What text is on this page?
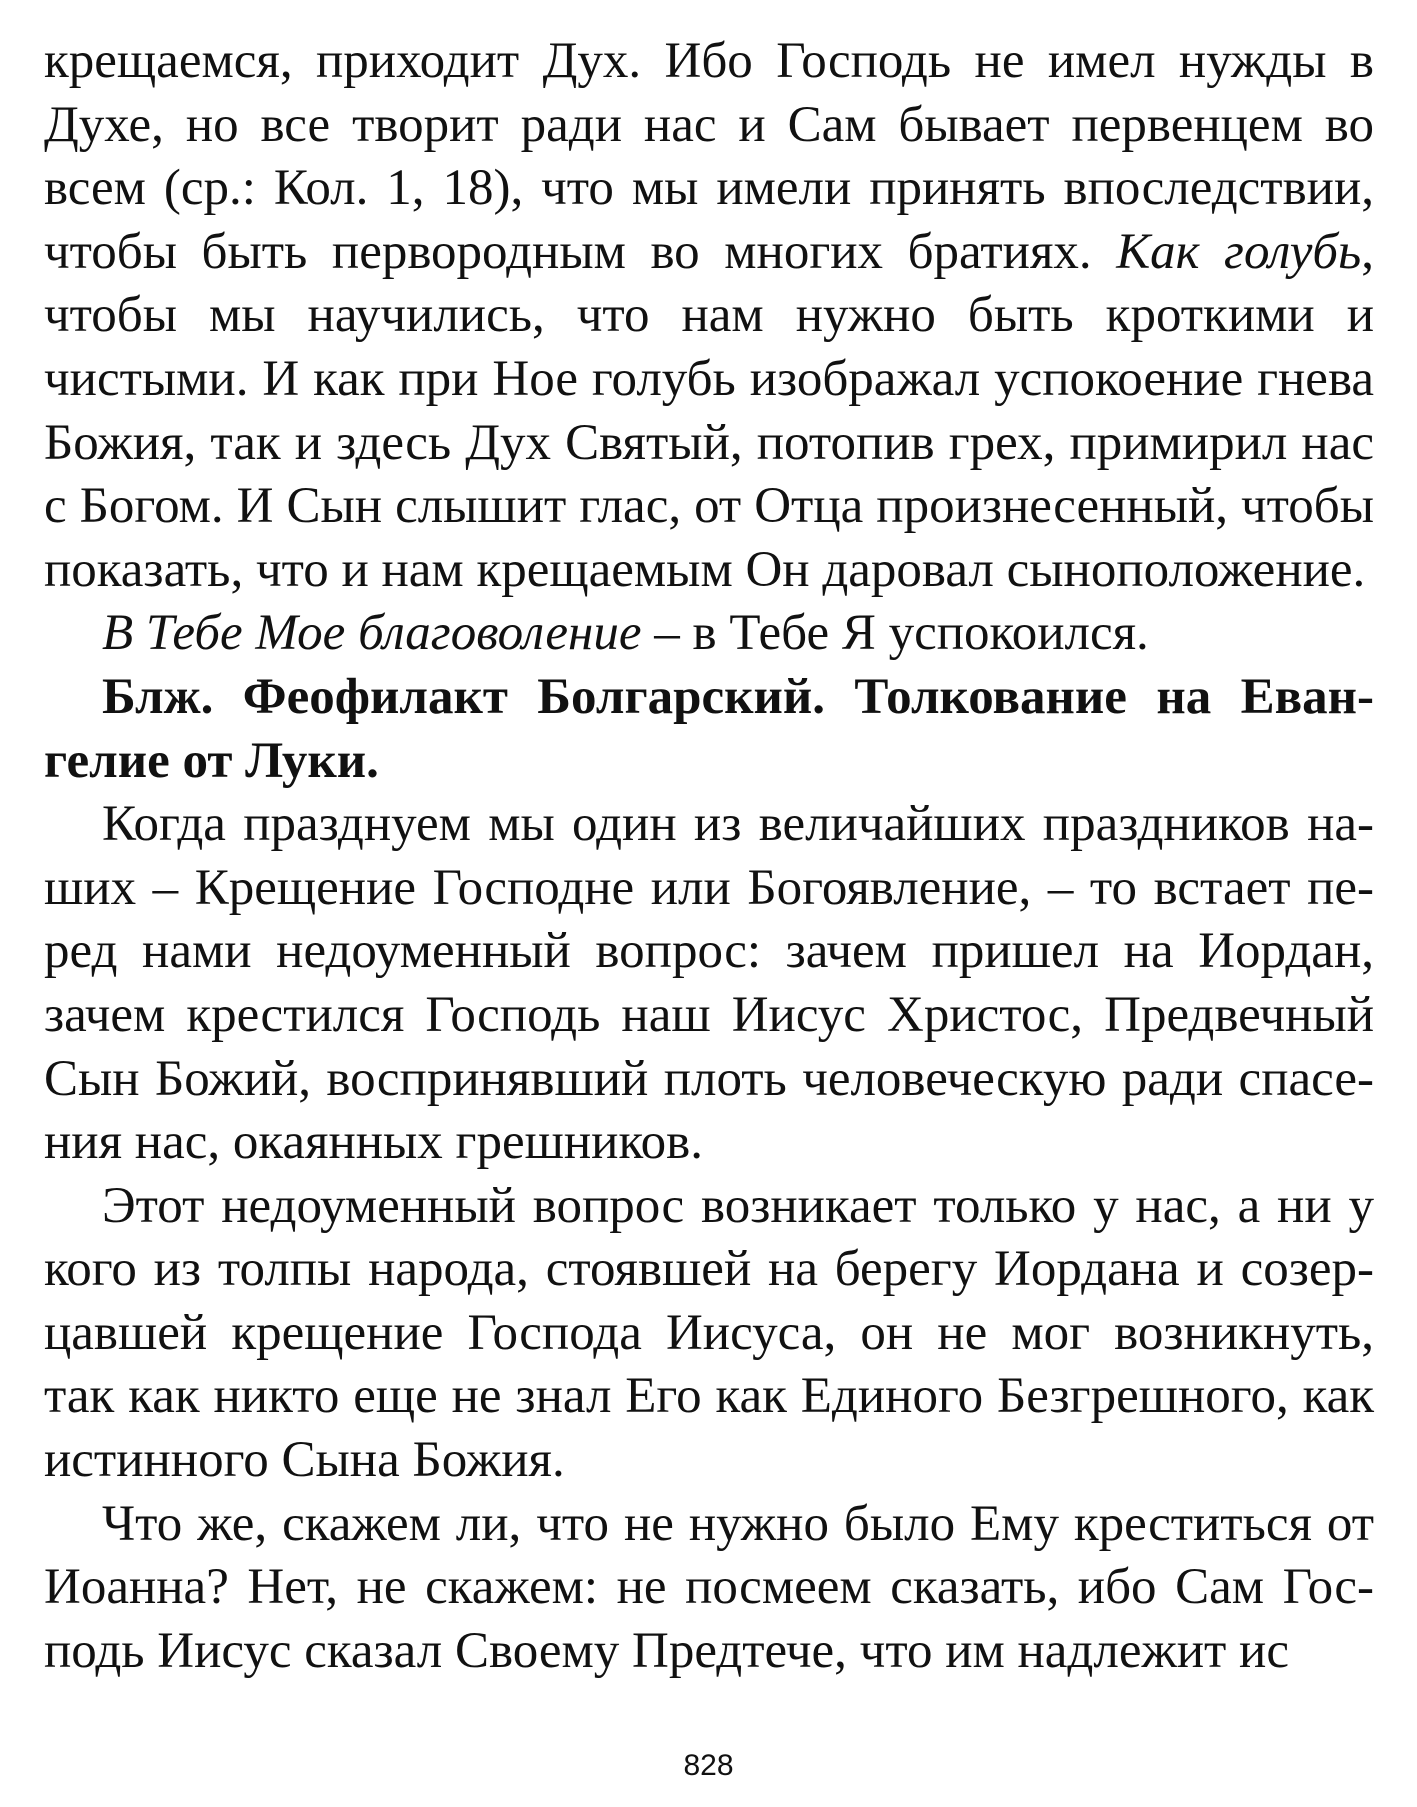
крещаемся, приходит Дух. Ибо Господь не имел нужды в Духе, но все творит ради нас и Сам бывает первенцем во всем (ср.: Кол. 1, 18), что мы имели принять впоследствии, чтобы быть первородным во многих братиях. Как голубь, чтобы мы научились, что нам нужно быть кроткими и чистыми. И как при Ное голубь изображал успокоение гнева Божия, так и здесь Дух Святый, потопив грех, примирил нас с Богом. И Сын слышит глас, от Отца произнесенный, чтобы показать, что и нам крещаемым Он даровал сыноположение.

В Тебе Мое благоволение – в Тебе Я успокоился.

Блж. Феофилакт Болгарский. Толкование на Евангелие от Луки.

Когда празднуем мы один из величайших праздников наших – Крещение Господне или Богоявление, – то встает перед нами недоуменный вопрос: зачем пришел на Иордан, зачем крестился Господь наш Иисус Христос, Предвечный Сын Божий, воспринявший плоть человеческую ради спасения нас, окаянных грешников.

Этот недоуменный вопрос возникает только у нас, а ни у кого из толпы народа, стоявшей на берегу Иордана и созерцавшей крещение Господа Иисуса, он не мог возникнуть, так как никто еще не знал Его как Единого Безгрешного, как истинного Сына Божия.

Что же, скажем ли, что не нужно было Ему креститься от Иоанна? Нет, не скажем: не посмеем сказать, ибо Сам Господь Иисус сказал Своему Предтече, что им надлежит ис

828
